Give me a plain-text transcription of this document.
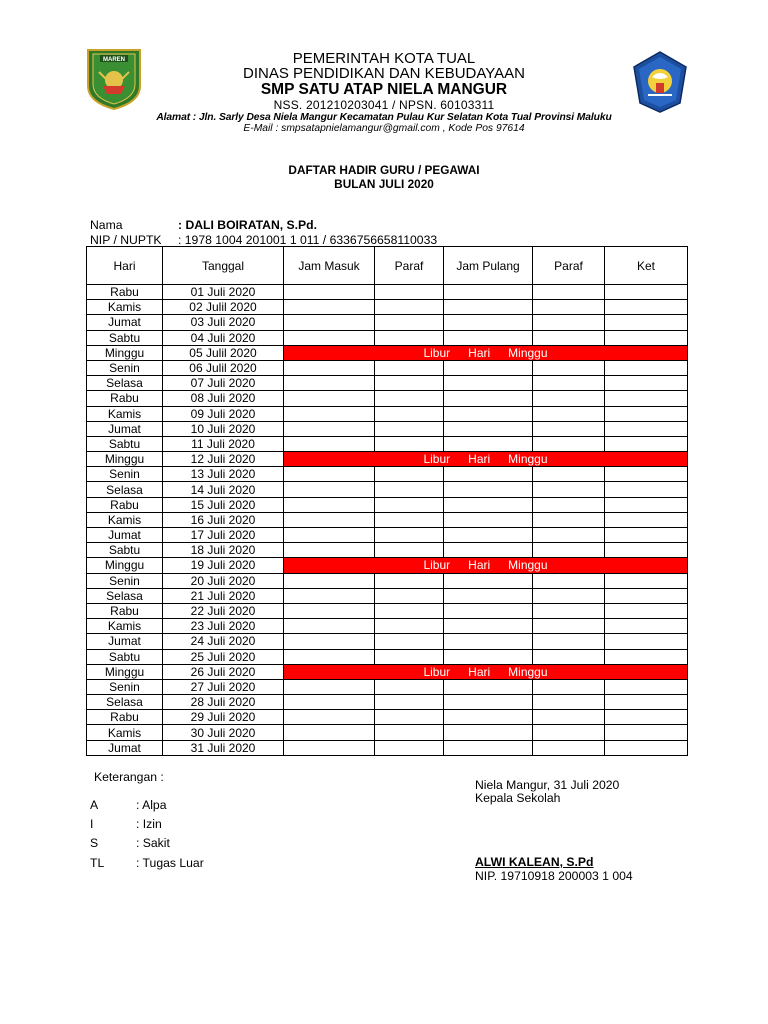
MAREN	PEMERINTAH KOTA TUAL
DINAS PENDIDIKAN DAN KEBUDAYAAN
SMP SATU ATAP NIELA MANGUR
NSS. 201210203041 / NPSN. 60103311
Alamat : Jln. Sarly Desa Niela Mangur Kecamatan Pulau Kur Selatan Kota Tual Provinsi Maluku
E-Mail : smpsatapnielamangur@gmail.com , Kode Pos 97614
DAFTAR HADIR GURU / PEGAWAI
BULAN JULI 2020
Nama	: DALI BOIRATAN, S.Pd.
NIP / NUPTK : 1978 1004 201001 1 011 / 6336756658110033
Hari	Tanggal	Jam Masuk	Paraf	Jam Pulang	Paraf	Ket
Rabu	01 Juli 2020					
Kamis	02 Julil 2020					
Jumat	03 Juli 2020					
Sabtu	04 Juli 2020					
Minggu	05 Julil 2020	Libur Hari Minggu				
Senin	06 Julil 2020					
Selasa	07 Juli 2020					
Rabu	08 Juli 2020					
Kamis	09 Juli 2020					
Jumat	10 Juli 2020					
Sabtu	11 Juli 2020					
Minggu	12 Juli 2020	Libur Hari Minggu				
Senin	13 Juli 2020					
Selasa	14 Juli 2020					
Rabu	15 Juli 2020					
Kamis	16 Juli 2020					
Jumat	17 Juli 2020					
Sabtu	18 Juli 2020					
Minggu	19 Juli 2020	Libur Hari Minggu				
Senin	20 Juli 2020					
Selasa	21 Juli 2020					
Rabu	22 Juli 2020					
Kamis	23 Juli 2020					
Jumat	24 Juli 2020					
Sabtu	25 Juli 2020					
Minggu	26 Juli 2020	Libur Hari Minggu				
Senin	27 Juli 2020					
Selasa	28 Juli 2020					
Rabu	29 Juli 2020					
Kamis	30 Juli 2020					
Jumat	31 Juli 2020					
Keterangan :
A	: Alpa
I	: Izin
S	: Sakit
TL	: Tugas Luar
Niela Mangur, 31 Juli 2020
Kepala Sekolah
ALWI KALEAN, S.Pd
NIP. 19710918 200003 1 004
